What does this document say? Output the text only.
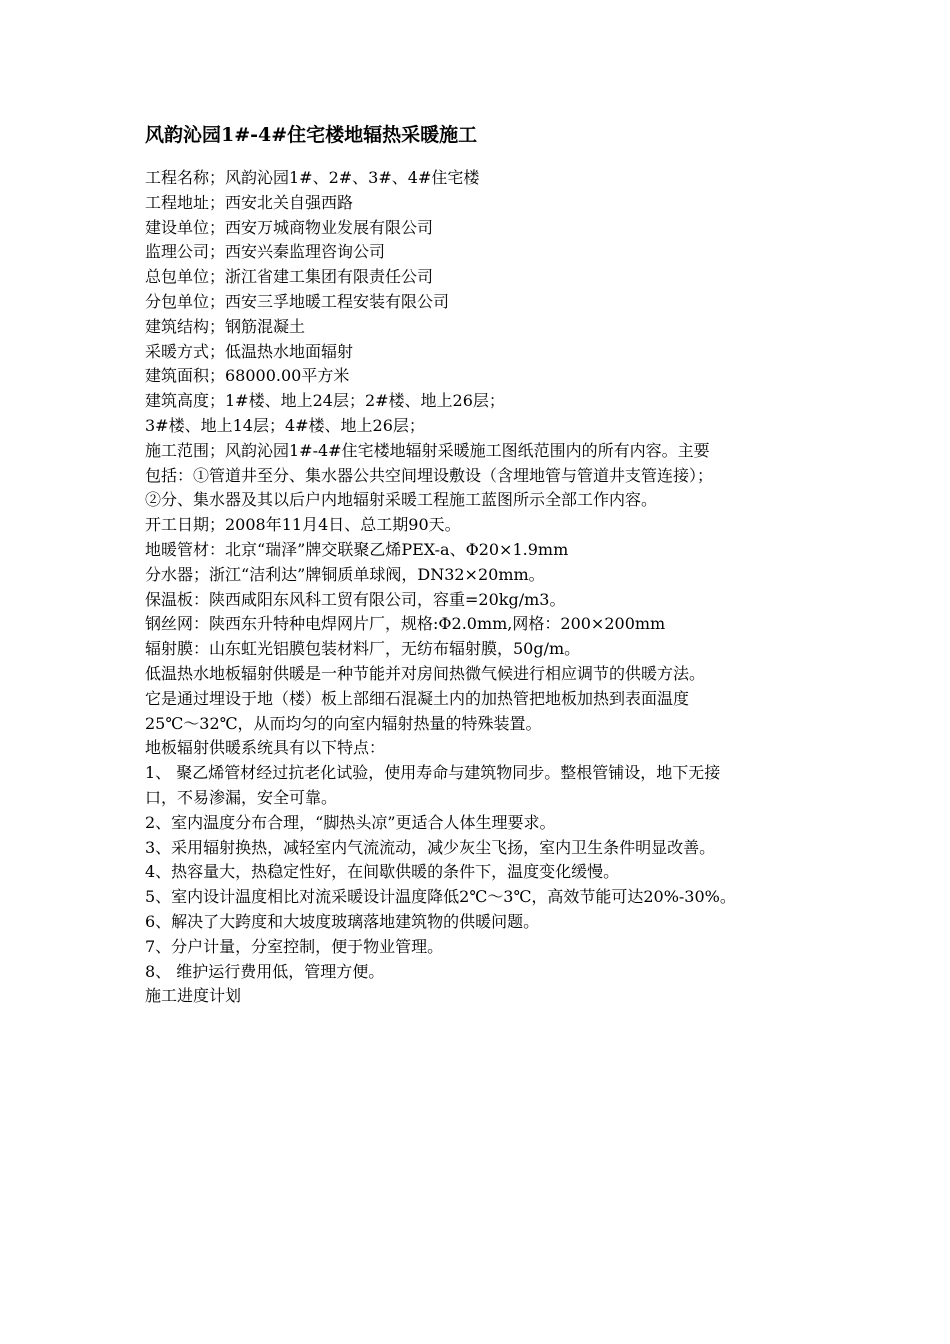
风韵沁园1#-4#住宅楼地辐热采暖施工
工程名称；风韵沁园1#、2#、3#、4#住宅楼
工程地址；西安北关自强西路
建设单位；西安万城商物业发展有限公司
监理公司；西安兴秦监理咨询公司
总包单位；浙江省建工集团有限责任公司
分包单位；西安三孚地暖工程安装有限公司
建筑结构；钢筋混凝土
采暖方式；低温热水地面辐射
建筑面积；68000.00平方米
建筑高度；1#楼、地上24层；2#楼、地上26层；
3#楼、地上14层；4#楼、地上26层；
施工范围；风韵沁园1#-4#住宅楼地辐射采暖施工图纸范围内的所有内容。主要
包括：①管道井至分、集水器公共空间埋设敷设（含埋地管与管道井支管连接）；
②分、集水器及其以后户内地辐射采暖工程施工蓝图所示全部工作内容。
开工日期；2008年11月4日、总工期90天。
地暖管材：北京“瑞泽”牌交联聚乙烯PEX-a、Φ20×1.9mm
分水器；浙江“洁利达”牌铜质单球阀，DN32×20mm。
保温板：陕西咸阳东风科工贸有限公司，容重=20kg/m3。
钢丝网：陕西东升特种电焊网片厂，规格:Φ2.0mm,网格：200×200mm
辐射膜：山东虹光铝膜包装材料厂，无纺布辐射膜，50g/m。
低温热水地板辐射供暖是一种节能并对房间热微气候进行相应调节的供暖方法。
它是通过埋设于地（楼）板上部细石混凝土内的加热管把地板加热到表面温度
25℃～32℃，从而均匀的向室内辐射热量的特殊装置。
地板辐射供暖系统具有以下特点：
1、 聚乙烯管材经过抗老化试验，使用寿命与建筑物同步。整根管铺设，地下无接
口，不易渗漏，安全可靠。
2、室内温度分布合理，“脚热头凉”更适合人体生理要求。
3、采用辐射换热，减轻室内气流流动，减少灰尘飞扬，室内卫生条件明显改善。
4、热容量大，热稳定性好，在间歇供暖的条件下，温度变化缓慢。
5、室内设计温度相比对流采暖设计温度降低2℃～3℃，高效节能可达20%-30%。
6、解决了大跨度和大坡度玻璃落地建筑物的供暖问题。
7、分户计量，分室控制，便于物业管理。
8、 维护运行费用低，管理方便。
施工进度计划
